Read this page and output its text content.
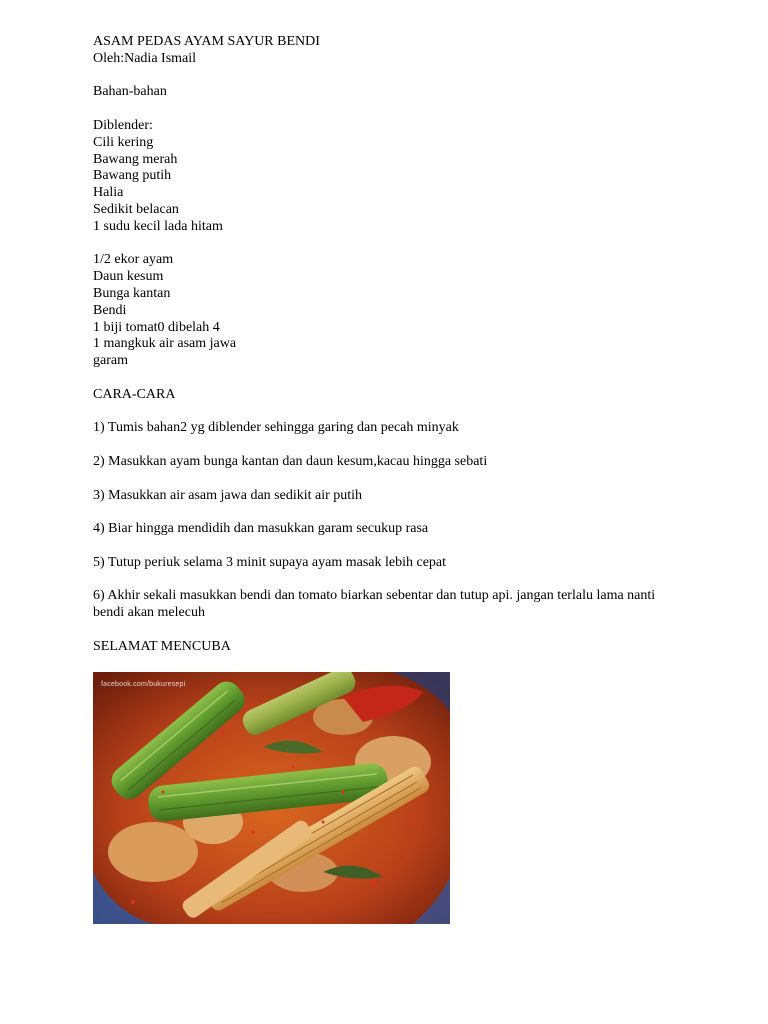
ASAM PEDAS AYAM SAYUR BENDI
Oleh:Nadia Ismail
Bahan-bahan
Diblender:
Cili kering
Bawang merah
Bawang putih
Halia
Sedikit belacan
1 sudu kecil lada hitam
1/2 ekor ayam
Daun kesum
Bunga kantan
Bendi
1 biji tomat0 dibelah 4
1 mangkuk air asam jawa
garam
CARA-CARA
1) Tumis bahan2 yg diblender sehingga garing dan pecah minyak
2) Masukkan ayam bunga kantan dan daun kesum,kacau hingga sebati
3) Masukkan air asam jawa dan sedikit air putih
4) Biar hingga mendidih dan masukkan garam secukup rasa
5) Tutup periuk selama 3 minit supaya ayam masak lebih cepat
6) Akhir sekali masukkan bendi dan tomato biarkan sebentar dan tutup api. jangan terlalu lama nanti bendi akan melecuh
SELAMAT MENCUBA
facebook.com/bukuresepi
